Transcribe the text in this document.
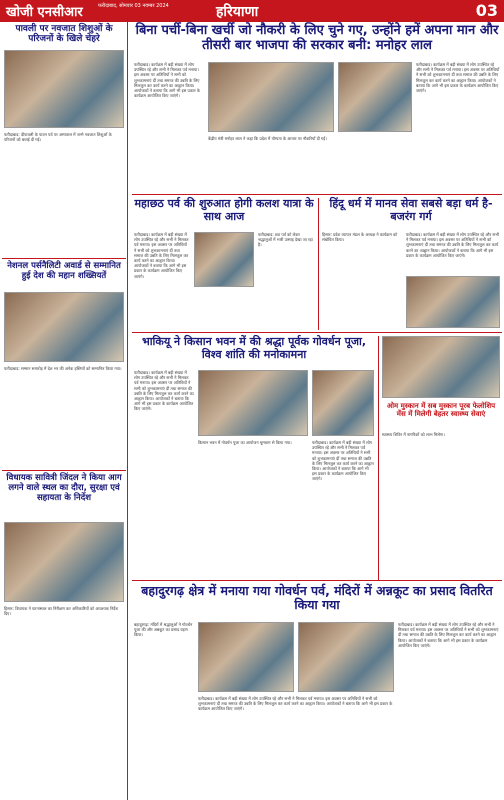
खोजी एनसीआर	फरीदाबाद, सोमवार 03 नवम्बर 2024	हरियाणा	03
पावली पर नवजात शिशुओं के परिजनों के खिले चेहरे
फरीदाबाद: दीपावली के पावन पर्व पर अस्पताल में जन्मे नवजात शिशुओं के परिजनों को बधाई दी गई।
नेशनल पर्सनैलिटी अवार्ड से सम्मानित हुई देश की महान शख्सियतें
फरीदाबाद: सम्मान समारोह में देश भर की अनेक हस्तियों को सम्मानित किया गया।
विधायक सावित्री जिंदल ने किया आग लगने वाले स्थल का दौरा, सुरक्षा एवं सहायता के निर्देश
हिसार: विधायक ने घटनास्थल का निरीक्षण कर अधिकारियों को आवश्यक निर्देश दिए।
बिना पर्ची-बिना खर्ची जो नौकरी के लिए चुने गए, उन्होंने हमें अपना मान और तीसरी बार भाजपा की सरकार बनी: मनोहर लाल
फरीदाबाद। कार्यक्रम में बड़ी संख्या में लोग उपस्थित रहे और सभी ने मिलकर पर्व मनाया। इस अवसर पर अतिथियों ने सभी को शुभकामनाएं दीं तथा समाज की उन्नति के लिए मिलजुल कर कार्य करने का आह्वान किया। आयोजकों ने बताया कि आगे भी इस प्रकार के कार्यक्रम आयोजित किए जाएंगे।
केंद्रीय मंत्री मनोहर लाल ने कहा कि प्रदेश में योग्यता के आधार पर नौकरियाँ दी गईं।
फरीदाबाद। कार्यक्रम में बड़ी संख्या में लोग उपस्थित रहे और सभी ने मिलकर पर्व मनाया। इस अवसर पर अतिथियों ने सभी को शुभकामनाएं दीं तथा समाज की उन्नति के लिए मिलजुल कर कार्य करने का आह्वान किया। आयोजकों ने बताया कि आगे भी इस प्रकार के कार्यक्रम आयोजित किए जाएंगे।
महाछठ पर्व की शुरुआत होगी कलश यात्रा के साथ आज
फरीदाबाद। कार्यक्रम में बड़ी संख्या में लोग उपस्थित रहे और सभी ने मिलकर पर्व मनाया। इस अवसर पर अतिथियों ने सभी को शुभकामनाएं दीं तथा समाज की उन्नति के लिए मिलजुल कर कार्य करने का आह्वान किया। आयोजकों ने बताया कि आगे भी इस प्रकार के कार्यक्रम आयोजित किए जाएंगे।
फरीदाबाद: छठ पर्व को लेकर श्रद्धालुओं में भारी उत्साह देखा जा रहा है।
हिंदू धर्म में मानव सेवा सबसे बड़ा धर्म है-बजरंग गर्ग
हिसार: प्रदेश व्यापार मंडल के अध्यक्ष ने कार्यक्रम को संबोधित किया।
फरीदाबाद। कार्यक्रम में बड़ी संख्या में लोग उपस्थित रहे और सभी ने मिलकर पर्व मनाया। इस अवसर पर अतिथियों ने सभी को शुभकामनाएं दीं तथा समाज की उन्नति के लिए मिलजुल कर कार्य करने का आह्वान किया। आयोजकों ने बताया कि आगे भी इस प्रकार के कार्यक्रम आयोजित किए जाएंगे।
भाकियू ने किसान भवन में की श्रद्धा पूर्वक गोवर्धन पूजा, विश्व शांति की मनोकामना
फरीदाबाद। कार्यक्रम में बड़ी संख्या में लोग उपस्थित रहे और सभी ने मिलकर पर्व मनाया। इस अवसर पर अतिथियों ने सभी को शुभकामनाएं दीं तथा समाज की उन्नति के लिए मिलजुल कर कार्य करने का आह्वान किया। आयोजकों ने बताया कि आगे भी इस प्रकार के कार्यक्रम आयोजित किए जाएंगे।
किसान भवन में गोवर्धन पूजा का आयोजन धूमधाम से किया गया।	फरीदाबाद। कार्यक्रम में बड़ी संख्या में लोग उपस्थित रहे और सभी ने मिलकर पर्व मनाया। इस अवसर पर अतिथियों ने सभी को शुभकामनाएं दीं तथा समाज की उन्नति के लिए मिलजुल कर कार्य करने का आह्वान किया। आयोजकों ने बताया कि आगे भी इस प्रकार के कार्यक्रम आयोजित किए जाएंगे।
ओम मुस्कान में सब मुस्कान पूरब फेलोशिप मेंस में मिलेगी बेहतर स्वास्थ्य सेवाएं
स्वास्थ्य शिविर में नागरिकों को लाभ मिलेगा।
बहादुरगढ़ क्षेत्र में मनाया गया गोवर्धन पर्व, मंदिरों में अन्नकूट का प्रसाद वितरित किया गया
बहादुरगढ़: मंदिरों में श्रद्धालुओं ने गोवर्धन पूजा की और अन्नकूट का प्रसाद ग्रहण किया।
फरीदाबाद। कार्यक्रम में बड़ी संख्या में लोग उपस्थित रहे और सभी ने मिलकर पर्व मनाया। इस अवसर पर अतिथियों ने सभी को शुभकामनाएं दीं तथा समाज की उन्नति के लिए मिलजुल कर कार्य करने का आह्वान किया। आयोजकों ने बताया कि आगे भी इस प्रकार के कार्यक्रम आयोजित किए जाएंगे।
फरीदाबाद। कार्यक्रम में बड़ी संख्या में लोग उपस्थित रहे और सभी ने मिलकर पर्व मनाया। इस अवसर पर अतिथियों ने सभी को शुभकामनाएं दीं तथा समाज की उन्नति के लिए मिलजुल कर कार्य करने का आह्वान किया। आयोजकों ने बताया कि आगे भी इस प्रकार के कार्यक्रम आयोजित किए जाएंगे।
